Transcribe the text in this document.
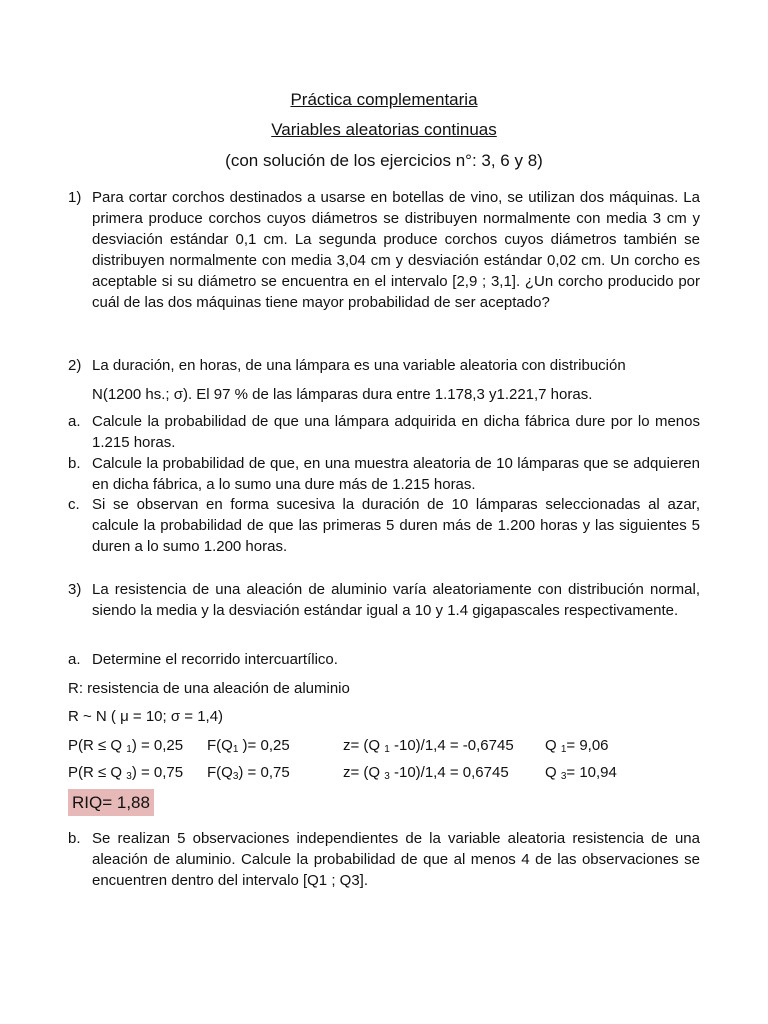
Práctica complementaria

Variables aleatorias continuas

(con solución de los ejercicios n°: 3, 6 y 8)

1) Para cortar corchos destinados a usarse en botellas de vino, se utilizan dos máquinas. La primera produce corchos cuyos diámetros se distribuyen normalmente con media 3 cm y desviación estándar 0,1 cm. La segunda produce corchos cuyos diámetros también se distribuyen normalmente con media 3,04 cm y desviación estándar 0,02 cm. Un corcho es aceptable si su diámetro se encuentra en el intervalo [2,9 ; 3,1]. ¿Un corcho producido por cuál de las dos máquinas tiene mayor probabilidad de ser aceptado?
2) La duración, en horas, de una lámpara es una variable aleatoria con distribución
N(1200 hs.; σ). El 97 % de las lámparas dura entre 1.178,3 y1.221,7 horas.
a. Calcule la probabilidad de que una lámpara adquirida en dicha fábrica dure por lo menos 1.215 horas.
b. Calcule la probabilidad de que, en una muestra aleatoria de 10 lámparas que se adquieren en dicha fábrica, a lo sumo una dure más de 1.215 horas.
c. Si se observan en forma sucesiva la duración de 10 lámparas seleccionadas al azar, calcule la probabilidad de que las primeras 5 duren más de 1.200 horas y las siguientes 5 duren a lo sumo 1.200 horas.
3) La resistencia de una aleación de aluminio varía aleatoriamente con distribución normal, siendo la media y la desviación estándar igual a 10 y 1.4 gigapascales respectivamente.
a. Determine el recorrido intercuartílico.
R: resistencia de una aleación de aluminio
R ~ N ( μ = 10; σ = 1,4)
P(R ≤ Q $_1$) = 0,25 $F(Q_1$ )= 0,25	z= (Q $_1$ -10)/1,4 = -0,6745 Q $_1$= 9,06
P(R ≤ Q $_3$) = 0,75 $F(Q_3) = 0,75$	z= (Q $_3$ -10)/1,4 = 0,6745 Q $_3$= 10,94
RIQ= 1,88
b. Se realizan 5 observaciones independientes de la variable aleatoria resistencia de una aleación de aluminio. Calcule la probabilidad de que al menos 4 de las observaciones se encuentren dentro del intervalo [Q1 ; Q3].
